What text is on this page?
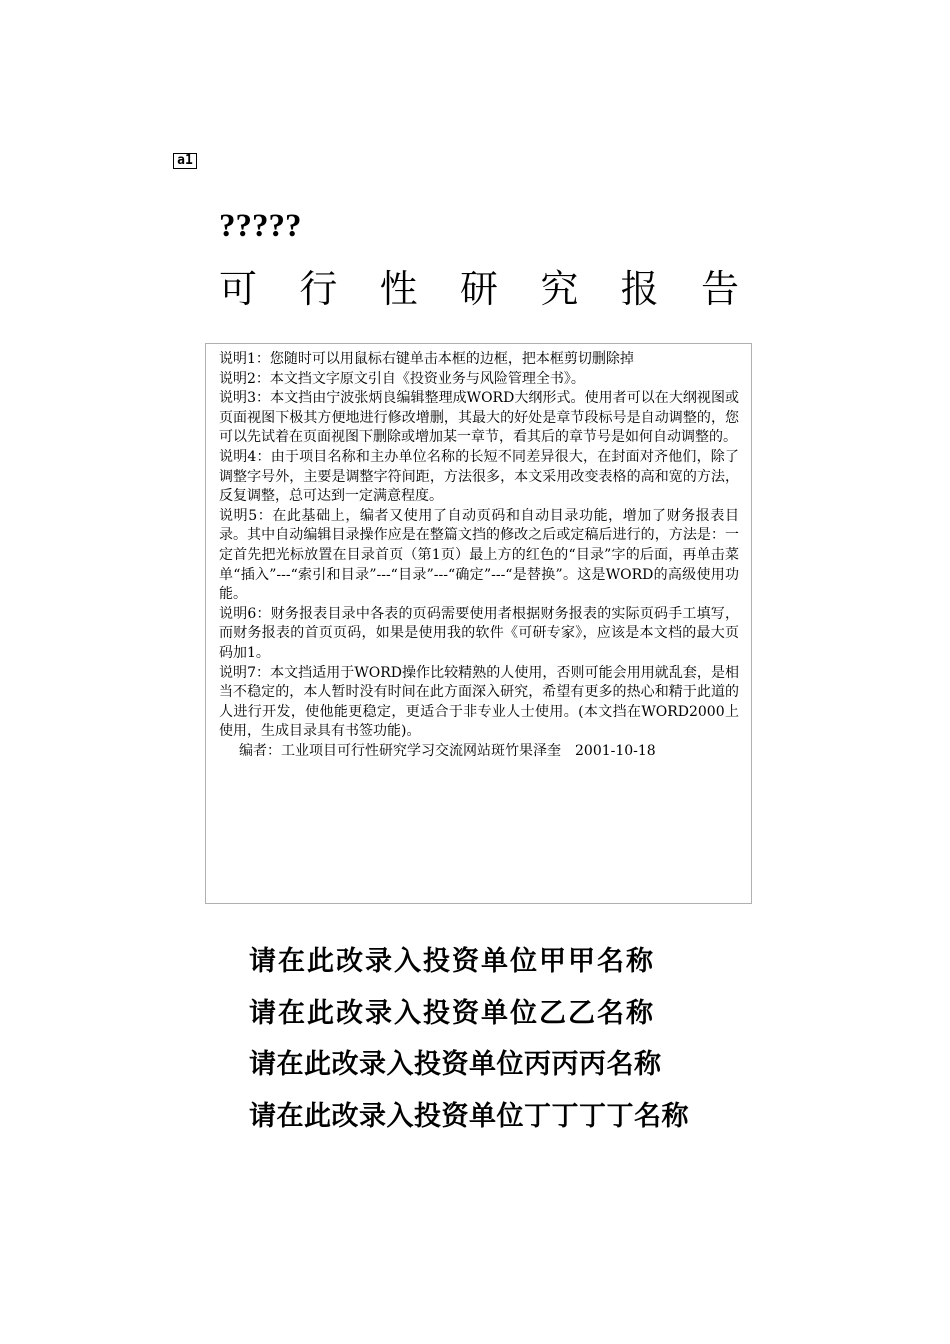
a1
?????
可 行 性 研 究 报 告

说明1：您随时可以用鼠标右键单击本框的边框，把本框剪切删除掉

说明2：本文挡文字原文引自《投资业务与风险管理全书》。

说明3：本文挡由宁波张炳良编辑整理成WORD大纲形式。使用者可以在大纲视图或页面视图下极其方便地进行修改增删，其最大的好处是章节段标号是自动调整的，您可以先试着在页面视图下删除或增加某一章节，看其后的章节号是如何自动调整的。

说明4：由于项目名称和主办单位名称的长短不同差异很大，在封面对齐他们，除了调整字号外，主要是调整字符间距，方法很多，本文采用改变表格的高和宽的方法，反复调整，总可达到一定满意程度。

说明5：在此基础上，编者又使用了自动页码和自动目录功能，增加了财务报表目录。其中自动编辑目录操作应是在整篇文挡的修改之后或定稿后进行的，方法是：一定首先把光标放置在目录首页（第1页）最上方的红色的“目录”字的后面，再单击菜单“插入”---“索引和目录”---“目录”---“确定”---“是替换”。这是WORD的高级使用功能。

说明6：财务报表目录中各表的页码需要使用者根据财务报表的实际页码手工填写，而财务报表的首页页码，如果是使用我的软件《可研专家》，应该是本文档的最大页码加1。

说明7：本文挡适用于WORD操作比较精熟的人使用，否则可能会用用就乱套，是相当不稳定的，本人暂时没有时间在此方面深入研究，希望有更多的热心和精于此道的人进行开发，使他能更稳定，更适合于非专业人士使用。(本文挡在WORD2000上使用，生成目录具有书签功能)。

编者：工业项目可行性研究学习交流网站斑竹果泽奎　2001-10-18

请在此改录入投资单位甲甲名称

请在此改录入投资单位乙乙名称

请在此改录入投资单位丙丙丙名称

请在此改录入投资单位丁丁丁丁名称
